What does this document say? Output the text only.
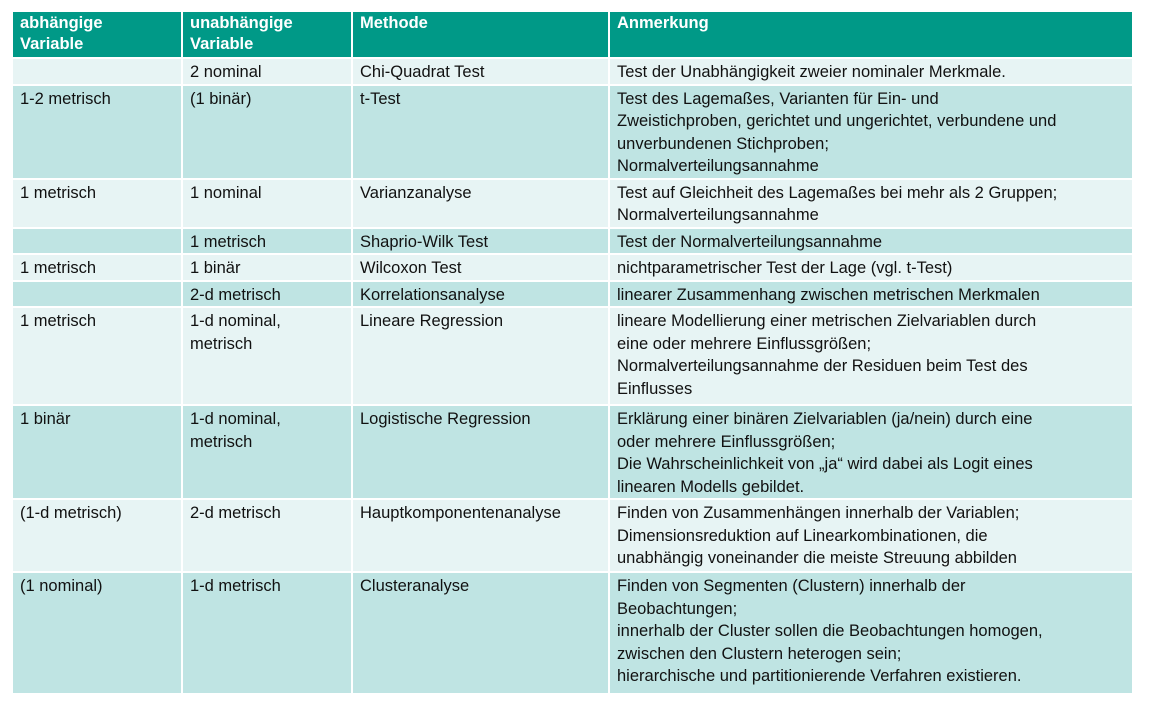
abhängige
Variable	unabhängige
Variable	Methode	Anmerkung

	2 nominal	Chi-Quadrat Test	Test der Unabhängigkeit zweier nominaler Merkmale.

1-2 metrisch	(1 binär)	t-Test	Test des Lagemaßes, Varianten für Ein- und
Zweistichproben, gerichtet und ungerichtet, verbundene und
unverbundenen Stichproben;
Normalverteilungsannahme

1 metrisch	1 nominal	Varianzanalyse	Test auf Gleichheit des Lagemaßes bei mehr als 2 Gruppen;
Normalverteilungsannahme

	1 metrisch	Shaprio-Wilk Test	Test der Normalverteilungsannahme

1 metrisch	1 binär	Wilcoxon Test	nichtparametrischer Test der Lage (vgl. t-Test)

	2-d metrisch	Korrelationsanalyse	linearer Zusammenhang zwischen metrischen Merkmalen

1 metrisch	1-d nominal,
metrisch	Lineare Regression	lineare Modellierung einer metrischen Zielvariablen durch
eine oder mehrere Einflussgrößen;
Normalverteilungsannahme der Residuen beim Test des
Einflusses

1 binär	1-d nominal,
metrisch	Logistische Regression	Erklärung einer binären Zielvariablen (ja/nein) durch eine
oder mehrere Einflussgrößen;
Die Wahrscheinlichkeit von „ja“ wird dabei als Logit eines
linearen Modells gebildet.

(1-d metrisch)	2-d metrisch	Hauptkomponentenanalyse	Finden von Zusammenhängen innerhalb der Variablen;
Dimensionsreduktion auf Linearkombinationen, die
unabhängig voneinander die meiste Streuung abbilden

(1 nominal)	1-d metrisch	Clusteranalyse	Finden von Segmenten (Clustern) innerhalb der
Beobachtungen;
innerhalb der Cluster sollen die Beobachtungen homogen,
zwischen den Clustern heterogen sein;
hierarchische und partitionierende Verfahren existieren.
